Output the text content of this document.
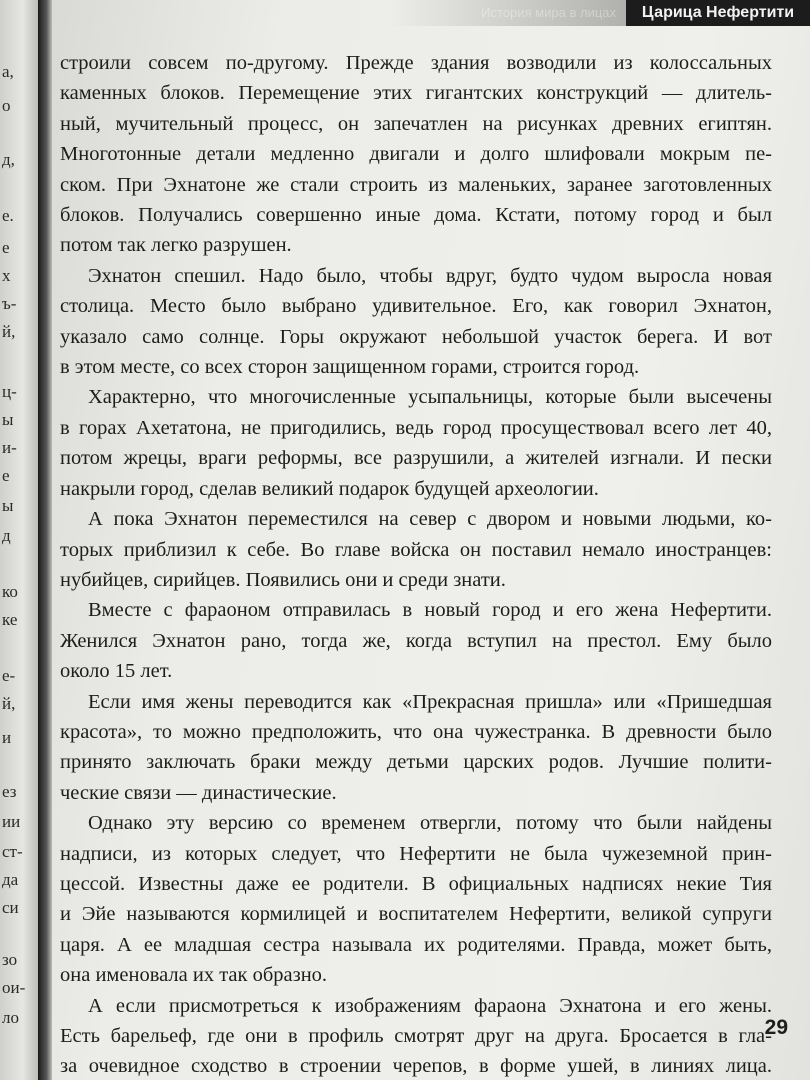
а,
о
д,
е.
е
х
ъ-
й,
ц-
ы
и-
е
ы
д
ко
ке
е-
й,
и
ез
ии
ст-
да
си
зо
ои-
ло
История мира в лицах	Царица Нефертити
строили совсем по-другому. Прежде здания возводили из колоссальных
каменных блоков. Перемещение этих гигантских конструкций — длитель-
ный, мучительный процесс, он запечатлен на рисунках древних египтян.
Многотонные детали медленно двигали и долго шлифовали мокрым пе-
ском. При Эхнатоне же стали строить из маленьких, заранее заготовленных
блоков. Получались совершенно иные дома. Кстати, потому город и был
потом так легко разрушен.
Эхнатон спешил. Надо было, чтобы вдруг, будто чудом выросла новая
столица. Место было выбрано удивительное. Его, как говорил Эхнатон,
указало само солнце. Горы окружают небольшой участок берега. И вот
в этом месте, со всех сторон защищенном горами, строится город.
Характерно, что многочисленные усыпальницы, которые были высечены
в горах Ахетатона, не пригодились, ведь город просуществовал всего лет 40,
потом жрецы, враги реформы, все разрушили, а жителей изгнали. И пески
накрыли город, сделав великий подарок будущей археологии.
А пока Эхнатон переместился на север с двором и новыми людьми, ко-
торых приблизил к себе. Во главе войска он поставил немало иностранцев:
нубийцев, сирийцев. Появились они и среди знати.
Вместе с фараоном отправилась в новый город и его жена Нефертити.
Женился Эхнатон рано, тогда же, когда вступил на престол. Ему было
около 15 лет.
Если имя жены переводится как «Прекрасная пришла» или «Пришедшая
красота», то можно предположить, что она чужестранка. В древности было
принято заключать браки между детьми царских родов. Лучшие полити-
ческие связи — династические.
Однако эту версию со временем отвергли, потому что были найдены
надписи, из которых следует, что Нефертити не была чужеземной прин-
цессой. Известны даже ее родители. В официальных надписях некие Тия
и Эйе называются кормилицей и воспитателем Нефертити, великой супруги
царя. А ее младшая сестра называла их родителями. Правда, может быть,
она именовала их так образно.
А если присмотреться к изображениям фараона Эхнатона и его жены.
Есть барельеф, где они в профиль смотрят друг на друга. Бросается в гла-
за очевидное сходство в строении черепов, в форме ушей, в линиях лица.
29
